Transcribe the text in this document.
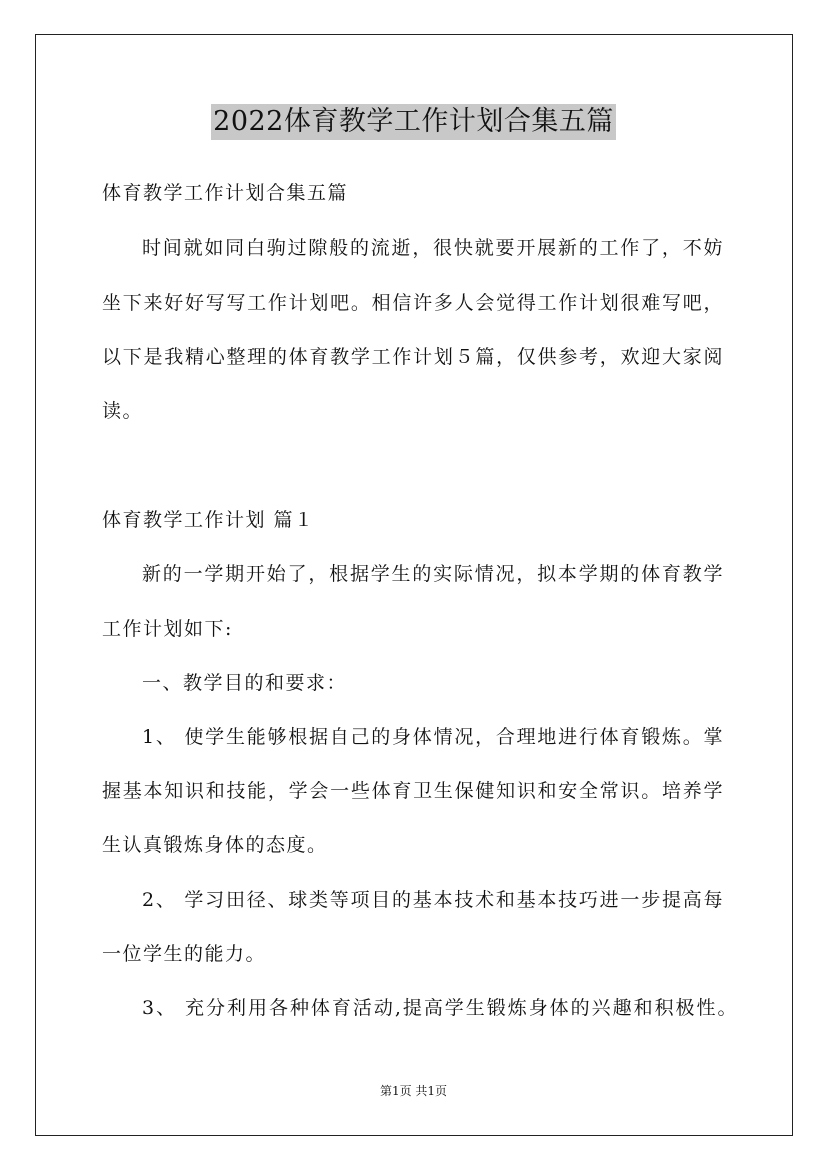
2022体育教学工作计划合集五篇
体育教学工作计划合集五篇
时间就如同白驹过隙般的流逝，很快就要开展新的工作了，不妨
坐下来好好写写工作计划吧。相信许多人会觉得工作计划很难写吧，
以下是我精心整理的体育教学工作计划５篇，仅供参考，欢迎大家阅
读。
体育教学工作计划 篇１
新的一学期开始了，根据学生的实际情况，拟本学期的体育教学
工作计划如下:
一、教学目的和要求：
1、 使学生能够根据自己的身体情况，合理地进行体育锻炼。掌
握基本知识和技能，学会一些体育卫生保健知识和安全常识。培养学
生认真锻炼身体的态度。
2、 学习田径、球类等项目的基本技术和基本技巧进一步提高每
一位学生的能力。
3、 充分利用各种体育活动,提高学生锻炼身体的兴趣和积极性。
第1页 共1页
